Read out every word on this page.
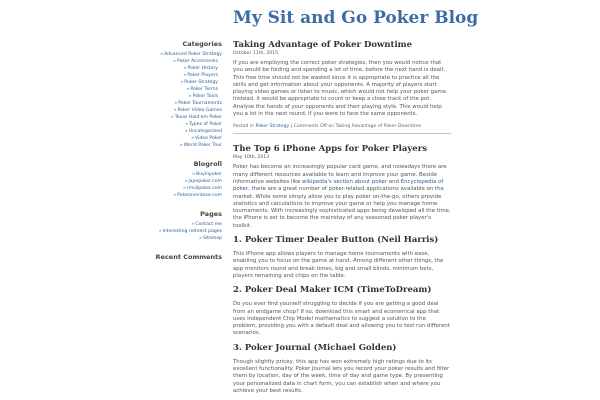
My Sit and Go Poker Blog
Categories
»Advanced Poker Strategy
»Poker Accessories
»Poker History
»Poker Players
»Poker Strategy
»Poker Terms
»Poker Tools
»Poker Tournaments
»Poker Video Games
»Texas Hold'em Poker
»Types of Poker
»Uncategorized
»Video Poker
»World Poker Tour
Blogroll
»Buyinpoker
»japepoker.com
»rmsilpoker.com
»Pokeroverdose.com
Pages
»Contact me
»Interesting redirect pages
»Sitemap
Recent Comments
Taking Advantage of Poker Downtime
October 11th, 2015

If you are employing the correct poker strategies, then you would notice that you would be folding and spending a lot of time, before the next hand is dealt. This free time should not be wasted since it is appropriate to practice all the skills and get information about your opponents. A majority of players start playing video games or listen to music, which would not help your poker game. Instead, it would be appropriate to count or keep a close track of the pot. Analyse the hands of your opponents and their playing style. This would help you a lot in the next round, if you were to face the same opponents.

Posted in Poker Strategy | Comments Off on Taking Advantage of Poker Downtime
The Top 6 iPhone Apps for Poker Players
May 10th, 2013

Poker has become an increasingly popular card game, and nowadays there are many different resources available to learn and improve your game. Beside informative websites like wikipedia's section about poker and Encyclopedia of poker, there are a great number of poker-related applications available on the market. While some simply allow you to play poker on-the-go, others provide statistics and calculations to improve your game or help you manage home tournaments. With increasingly sophisticated apps being developed all the time, the iPhone is set to become the mainstay of any seasoned poker player's toolkit.

1. Poker Timer Dealer Button (Neil Harris)

This iPhone app allows players to manage home tournaments with ease, enabling you to focus on the game at hand. Among different other things, the app monitors round and break times, big and small blinds, minimum bets, players remaining and chips on the table.

2. Poker Deal Maker ICM (TimeToDream)

Do you ever find yourself struggling to decide if you are getting a good deal from an endgame chop? If so, download this smart and economical app that uses Independent Chip Model mathematics to suggest a solution to the problem, providing you with a default deal and allowing you to test run different scenarios.

3. Poker Journal (Michael Golden)

Though slightly pricey, this app has won extremely high ratings due to its excellent functionality. Poker Journal lets you record your poker results and filter them by location, day of the week, time of day and game type. By presenting your personalized data in chart form, you can establish when and where you achieve your best results.
